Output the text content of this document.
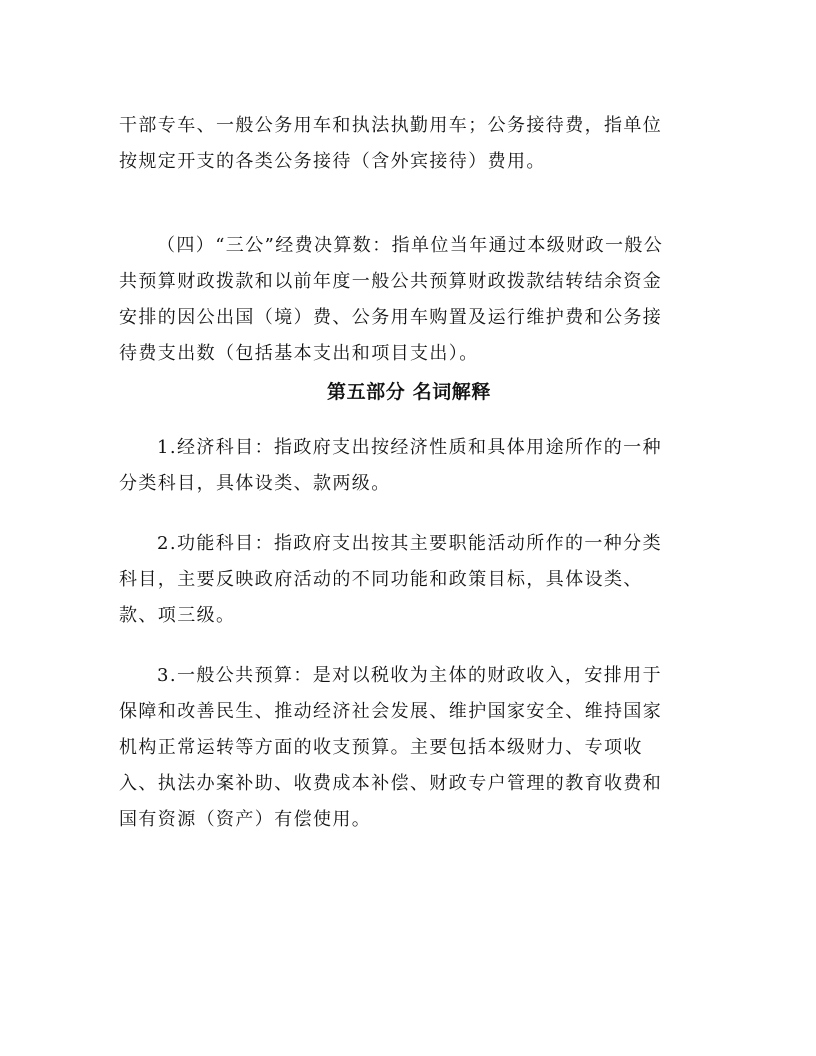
干部专车、一般公务用车和执法执勤用车；公务接待费，指单位
按规定开支的各类公务接待（含外宾接待）费用。

（四）“三公”经费决算数：指单位当年通过本级财政一般公
共预算财政拨款和以前年度一般公共预算财政拨款结转结余资金
安排的因公出国（境）费、公务用车购置及运行维护费和公务接
待费支出数（包括基本支出和项目支出）。

第五部分 名词解释

1.经济科目：指政府支出按经济性质和具体用途所作的一种
分类科目，具体设类、款两级。

2.功能科目：指政府支出按其主要职能活动所作的一种分类
科目，主要反映政府活动的不同功能和政策目标，具体设类、
款、项三级。

3.一般公共预算：是对以税收为主体的财政收入，安排用于
保障和改善民生、推动经济社会发展、维护国家安全、维持国家
机构正常运转等方面的收支预算。主要包括本级财力、专项收
入、执法办案补助、收费成本补偿、财政专户管理的教育收费和
国有资源（资产）有偿使用。
